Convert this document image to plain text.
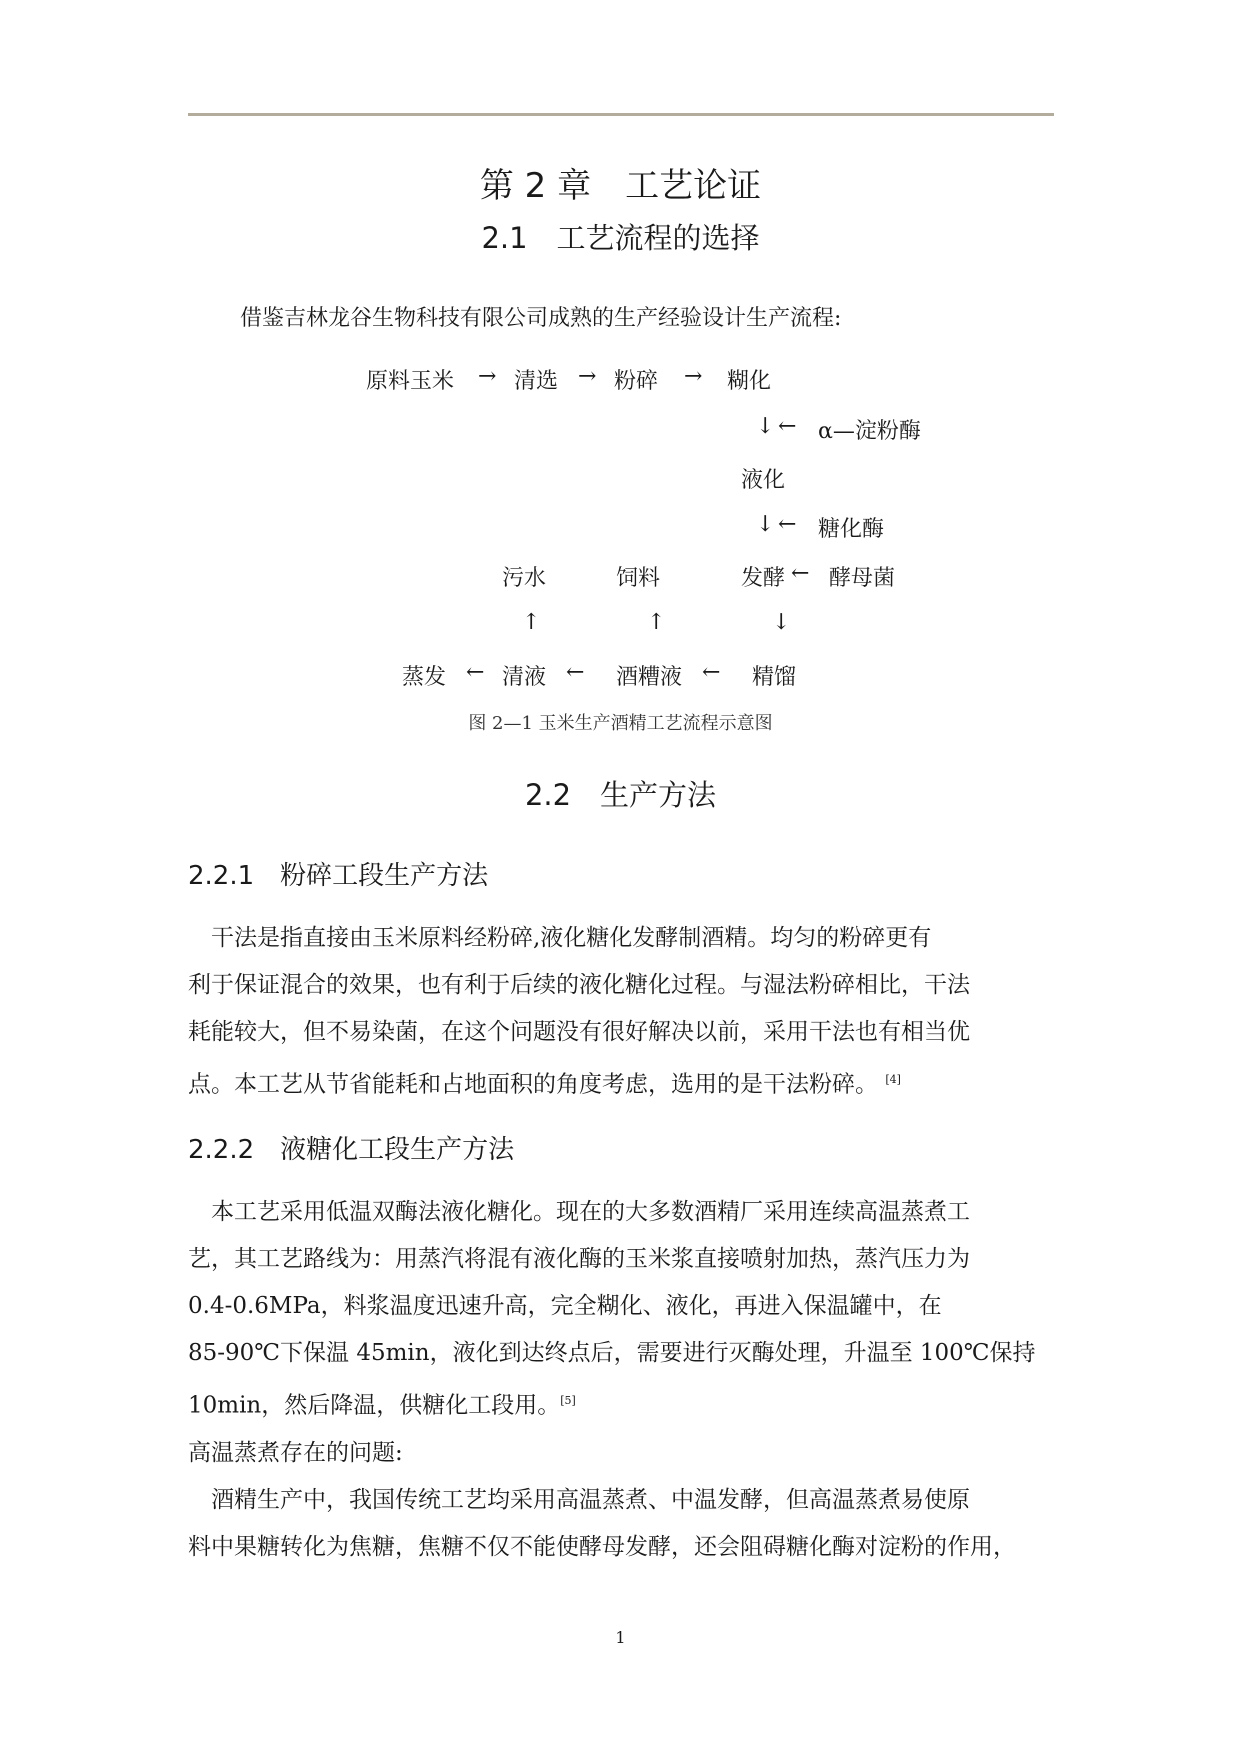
第 2 章　工艺论证
2.1　工艺流程的选择
借鉴吉林龙谷生物科技有限公司成熟的生产经验设计生产流程:
原料玉米 → 清选 → 粉碎 → 糊化
↓ ← α—淀粉酶
液化
↓ ← 糖化酶
污水	饲料	发酵 ← 酵母菌
↑	↑	↓
蒸发 ← 清液 ← 酒糟液 ← 精馏
图 2—1 玉米生产酒精工艺流程示意图
2.2　生产方法
2.2.1　粉碎工段生产方法
　干法是指直接由玉米原料经粉碎,液化糖化发酵制酒精。均匀的粉碎更有
利于保证混合的效果，也有利于后续的液化糖化过程。与湿法粉碎相比，干法
耗能较大，但不易染菌，在这个问题没有很好解决以前，采用干法也有相当优
点。本工艺从节省能耗和占地面积的角度考虑，选用的是干法粉碎。 [4]
2.2.2　液糖化工段生产方法
　本工艺采用低温双酶法液化糖化。现在的大多数酒精厂采用连续高温蒸煮工
艺，其工艺路线为：用蒸汽将混有液化酶的玉米浆直接喷射加热，蒸汽压力为
0.4-0.6MPa，料浆温度迅速升高，完全糊化、液化，再进入保温罐中，在
85-90℃下保温 45min，液化到达终点后，需要进行灭酶处理，升温至 100℃保持
10min，然后降温，供糖化工段用。[5]
高温蒸煮存在的问题:
　酒精生产中，我国传统工艺均采用高温蒸煮、中温发酵，但高温蒸煮易使原
料中果糖转化为焦糖，焦糖不仅不能使酵母发酵，还会阻碍糖化酶对淀粉的作用，
1
